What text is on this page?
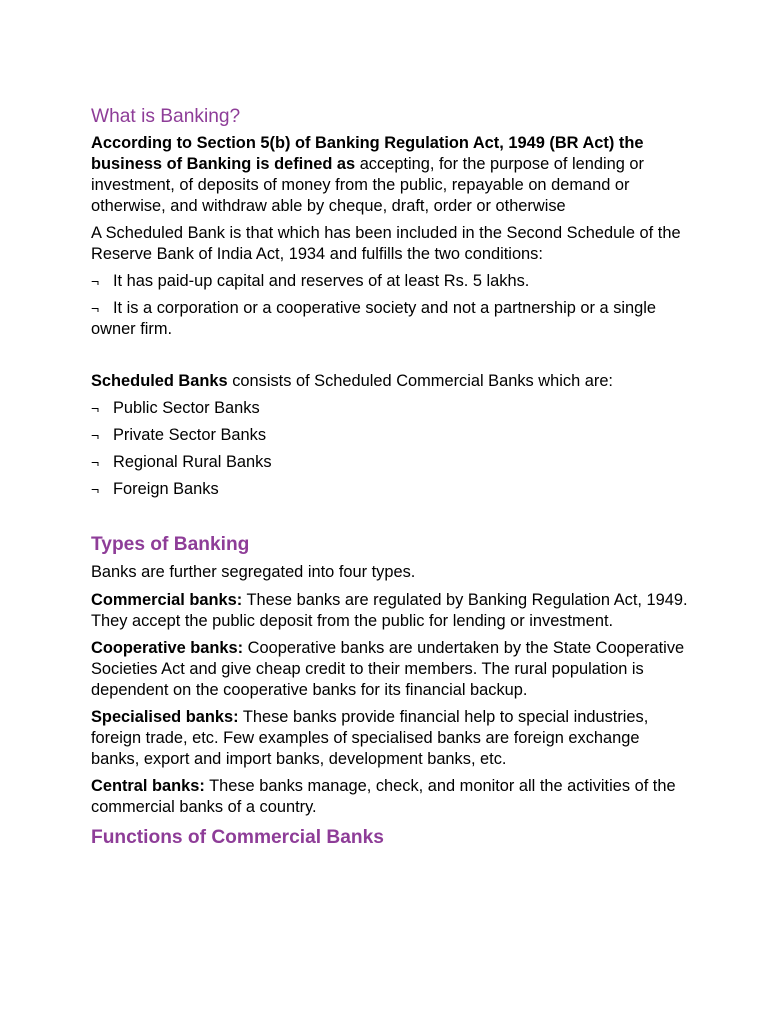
What is Banking?

According to Section 5(b) of Banking Regulation Act, 1949 (BR Act) the business of Banking is defined as accepting, for the purpose of lending or investment, of deposits of money from the public, repayable on demand or otherwise, and withdraw able by cheque, draft, order or otherwise

A Scheduled Bank is that which has been included in the Second Schedule of the Reserve Bank of India Act, 1934 and fulfills the two conditions:

¬ It has paid-up capital and reserves of at least Rs. 5 lakhs.

¬ It is a corporation or a cooperative society and not a partnership or a single owner firm.

Scheduled Banks consists of Scheduled Commercial Banks which are:

¬ Public Sector Banks

¬ Private Sector Banks

¬ Regional Rural Banks

¬ Foreign Banks

Types of Banking

Banks are further segregated into four types.

Commercial banks: These banks are regulated by Banking Regulation Act, 1949. They accept the public deposit from the public for lending or investment.

Cooperative banks: Cooperative banks are undertaken by the State Cooperative Societies Act and give cheap credit to their members. The rural population is dependent on the cooperative banks for its financial backup.

Specialised banks: These banks provide financial help to special industries, foreign trade, etc. Few examples of specialised banks are foreign exchange banks, export and import banks, development banks, etc.

Central banks: These banks manage, check, and monitor all the activities of the commercial banks of a country.

Functions of Commercial Banks
